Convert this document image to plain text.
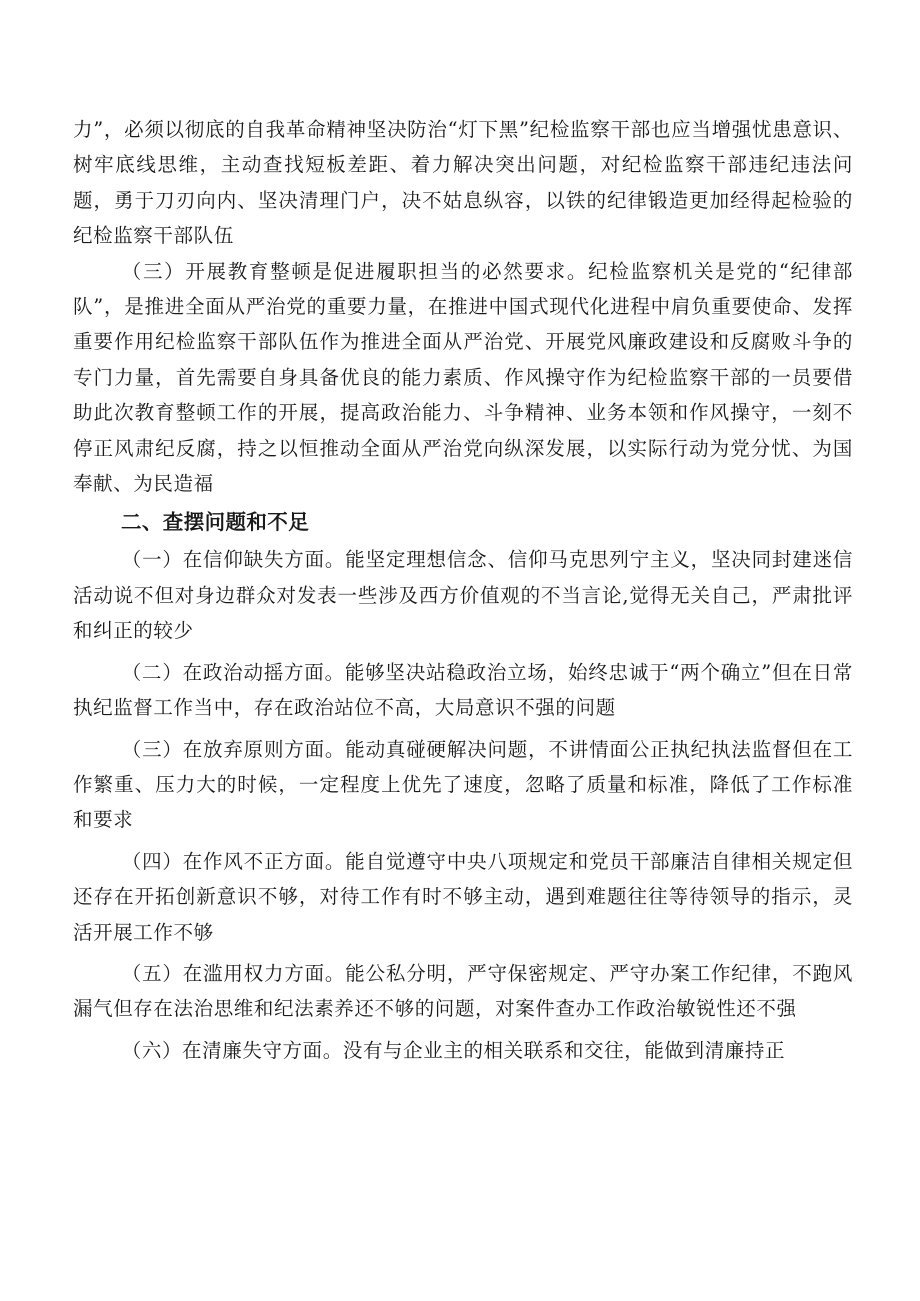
力”，必须以彻底的自我革命精神坚决防治“灯下黑”纪检监察干部也应当增强忧患意识、树牢底线思维，主动查找短板差距、着力解决突出问题，对纪检监察干部违纪违法问题，勇于刀刃向内、坚决清理门户，决不姑息纵容，以铁的纪律锻造更加经得起检验的纪检监察干部队伍

（三）开展教育整顿是促进履职担当的必然要求。纪检监察机关是党的“纪律部队”，是推进全面从严治党的重要力量，在推进中国式现代化进程中肩负重要使命、发挥重要作用纪检监察干部队伍作为推进全面从严治党、开展党风廉政建设和反腐败斗争的专门力量，首先需要自身具备优良的能力素质、作风操守作为纪检监察干部的一员要借助此次教育整顿工作的开展，提高政治能力、斗争精神、业务本领和作风操守，一刻不停正风肃纪反腐，持之以恒推动全面从严治党向纵深发展，以实际行动为党分忧、为国奉献、为民造福

二、查摆问题和不足

（一）在信仰缺失方面。能坚定理想信念、信仰马克思列宁主义，坚决同封建迷信活动说不但对身边群众对发表一些涉及西方价值观的不当言论,觉得无关自己，严肃批评和纠正的较少

（二）在政治动摇方面。能够坚决站稳政治立场，始终忠诚于“两个确立”但在日常执纪监督工作当中，存在政治站位不高，大局意识不强的问题

（三）在放弃原则方面。能动真碰硬解决问题，不讲情面公正执纪执法监督但在工作繁重、压力大的时候，一定程度上优先了速度，忽略了质量和标准，降低了工作标准和要求

（四）在作风不正方面。能自觉遵守中央八项规定和党员干部廉洁自律相关规定但还存在开拓创新意识不够，对待工作有时不够主动，遇到难题往往等待领导的指示，灵活开展工作不够

（五）在滥用权力方面。能公私分明，严守保密规定、严守办案工作纪律，不跑风漏气但存在法治思维和纪法素养还不够的问题，对案件查办工作政治敏锐性还不强

（六）在清廉失守方面。没有与企业主的相关联系和交往，能做到清廉持正
